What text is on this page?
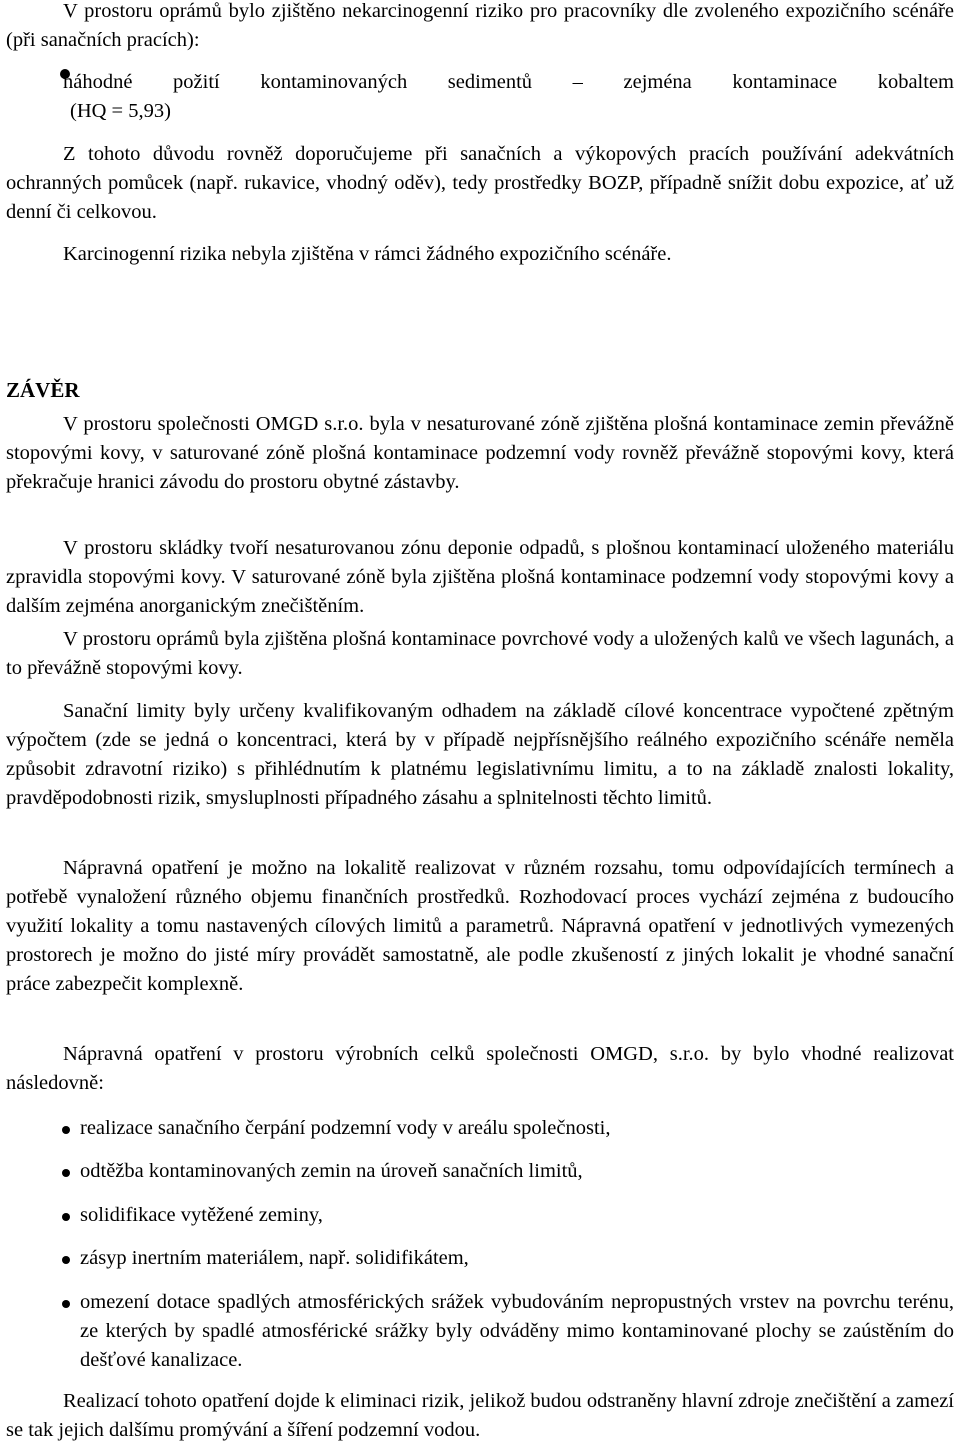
V prostoru oprámů bylo zjištěno nekarcinogenní riziko pro pracovníky dle zvoleného expozičního scénáře (při sanačních pracích):

náhodné požití kontaminovaných sedimentů – zejména kontaminace kobaltem

(HQ = 5,93)

Z tohoto důvodu rovněž doporučujeme při sanačních a výkopových pracích používání adekvátních ochranných pomůcek (např. rukavice, vhodný oděv), tedy prostředky BOZP, případně snížit dobu expozice, ať už denní či celkovou.

Karcinogenní rizika nebyla zjištěna v rámci žádného expozičního scénáře.

ZÁVĚR

V prostoru společnosti OMGD s.r.o. byla v nesaturované zóně zjištěna plošná kontaminace zemin převážně stopovými kovy, v saturované zóně plošná kontaminace podzemní vody rovněž převážně stopovými kovy, která překračuje hranici závodu do prostoru obytné zástavby.

V prostoru skládky tvoří nesaturovanou zónu deponie odpadů, s plošnou kontaminací uloženého materiálu zpravidla stopovými kovy. V saturované zóně byla zjištěna plošná kontaminace podzemní vody stopovými kovy a dalším zejména anorganickým znečištěním.

V prostoru oprámů byla zjištěna plošná kontaminace povrchové vody a uložených kalů ve všech lagunách, a to převážně stopovými kovy.

Sanační limity byly určeny kvalifikovaným odhadem na základě cílové koncentrace vypočtené zpětným výpočtem (zde se jedná o koncentraci, která by v případě nejpřísnějšího reálného expozičního scénáře neměla způsobit zdravotní riziko) s přihlédnutím k platnému legislativnímu limitu, a to na základě znalosti lokality, pravděpodobnosti rizik, smysluplnosti případného zásahu a splnitelnosti těchto limitů.

Nápravná opatření je možno na lokalitě realizovat v různém rozsahu, tomu odpovídajících termínech a potřebě vynaložení různého objemu finančních prostředků. Rozhodovací proces vychází zejména z budoucího využití lokality a tomu nastavených cílových limitů a parametrů. Nápravná opatření v jednotlivých vymezených prostorech je možno do jisté míry provádět samostatně, ale podle zkušeností z jiných lokalit je vhodné sanační práce zabezpečit komplexně.

Nápravná opatření v prostoru výrobních celků společnosti OMGD, s.r.o. by bylo vhodné realizovat následovně:

realizace sanačního čerpání podzemní vody v areálu společnosti,

odtěžba kontaminovaných zemin na úroveň sanačních limitů,

solidifikace vytěžené zeminy,

zásyp inertním materiálem, např. solidifikátem,

omezení dotace spadlých atmosférických srážek vybudováním nepropustných vrstev na povrchu terénu, ze kterých by spadlé atmosférické srážky byly odváděny mimo kontaminované plochy se zaústěním do dešťové kanalizace.

Realizací tohoto opatření dojde k eliminaci rizik, jelikož budou odstraněny hlavní zdroje znečištění a zamezí se tak jejich dalšímu promývání a šíření podzemní vodou.
